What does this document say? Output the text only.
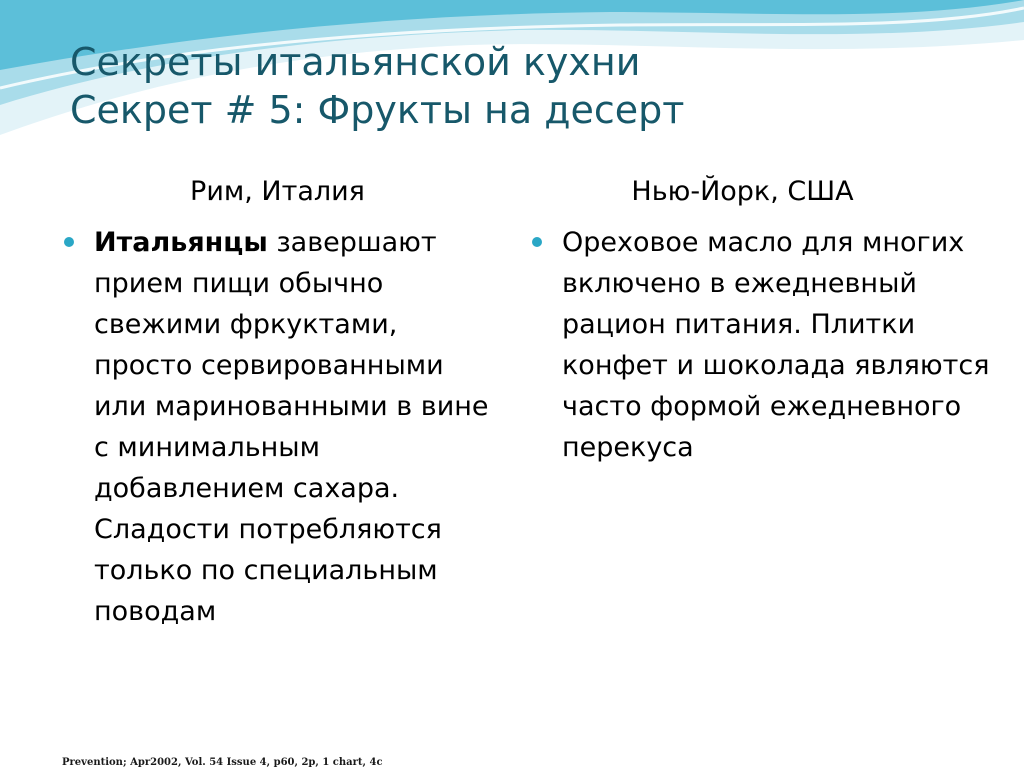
Секреты итальянской кухни
Секрет # 5: Фрукты на десерт
Рим, Италия	Нью-Йорк, США
Итальянцы завершают прием пищи обычно свежими фркуктами, просто сервированными или маринованными в вине с минимальным добавлением сахара. Сладости потребляются только по специальным поводам
Ореховое масло для многих включено в ежедневный рацион питания. Плитки конфет и шоколада являются часто формой ежедневного перекуса
Prevention; Apr2002, Vol. 54 Issue 4, p60, 2p, 1 chart, 4c
